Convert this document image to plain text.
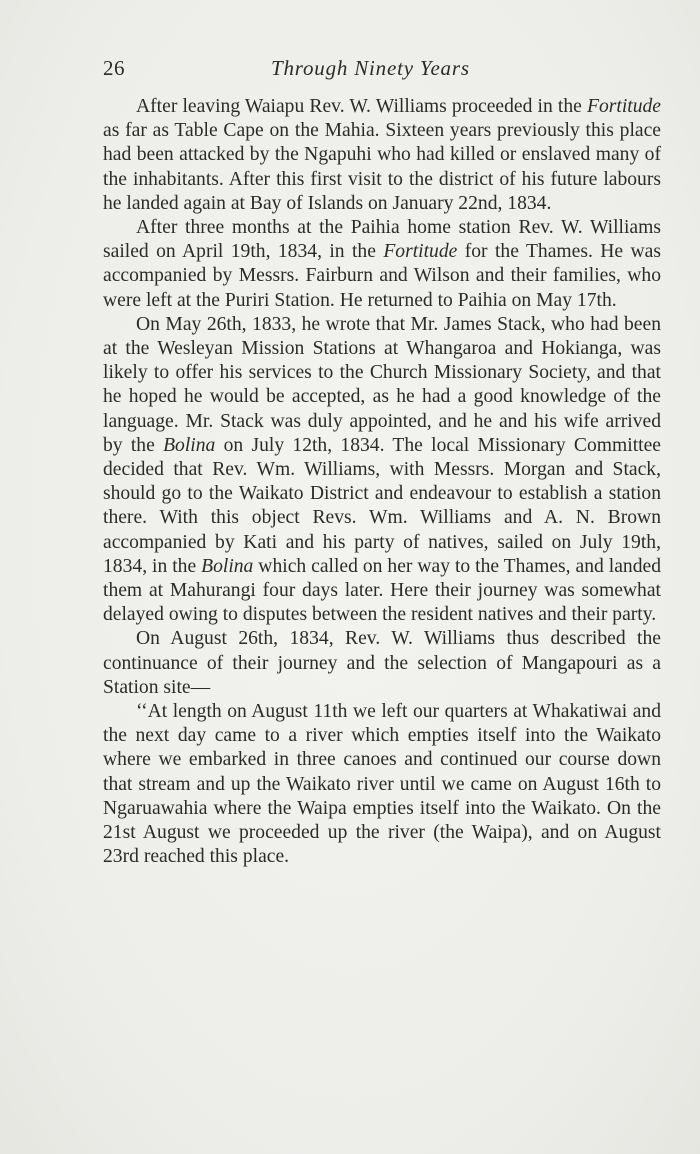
26	Through Ninety Years

After leaving Waiapu Rev. W. Williams proceeded in the Fortitude as far as Table Cape on the Mahia. Sixteen years previously this place had been attacked by the Ngapuhi who had killed or enslaved many of the inhabitants. After this first visit to the district of his future labours he landed again at Bay of Islands on January 22nd, 1834.

After three months at the Paihia home station Rev. W. Williams sailed on April 19th, 1834, in the Fortitude for the Thames. He was accompanied by Messrs. Fairburn and Wilson and their families, who were left at the Puriri Station. He returned to Paihia on May 17th.

On May 26th, 1833, he wrote that Mr. James Stack, who had been at the Wesleyan Mission Stations at Whangaroa and Hokianga, was likely to offer his services to the Church Missionary Society, and that he hoped he would be accepted, as he had a good knowledge of the language. Mr. Stack was duly appointed, and he and his wife arrived by the Bolina on July 12th, 1834. The local Missionary Committee decided that Rev. Wm. Williams, with Messrs. Morgan and Stack, should go to the Waikato District and endeavour to establish a station there. With this object Revs. Wm. Williams and A. N. Brown accompanied by Kati and his party of natives, sailed on July 19th, 1834, in the Bolina which called on her way to the Thames, and landed them at Mahurangi four days later. Here their journey was somewhat delayed owing to disputes between the resident natives and their party.

On August 26th, 1834, Rev. W. Williams thus described the continuance of their journey and the selection of Mangapouri as a Station site—

‘‘At length on August 11th we left our quarters at Whakatiwai and the next day came to a river which empties itself into the Waikato where we embarked in three canoes and continued our course down that stream and up the Waikato river until we came on August 16th to Ngaruawahia where the Waipa empties itself into the Waikato. On the 21st August we proceeded up the river (the Waipa), and on August 23rd reached this place.
